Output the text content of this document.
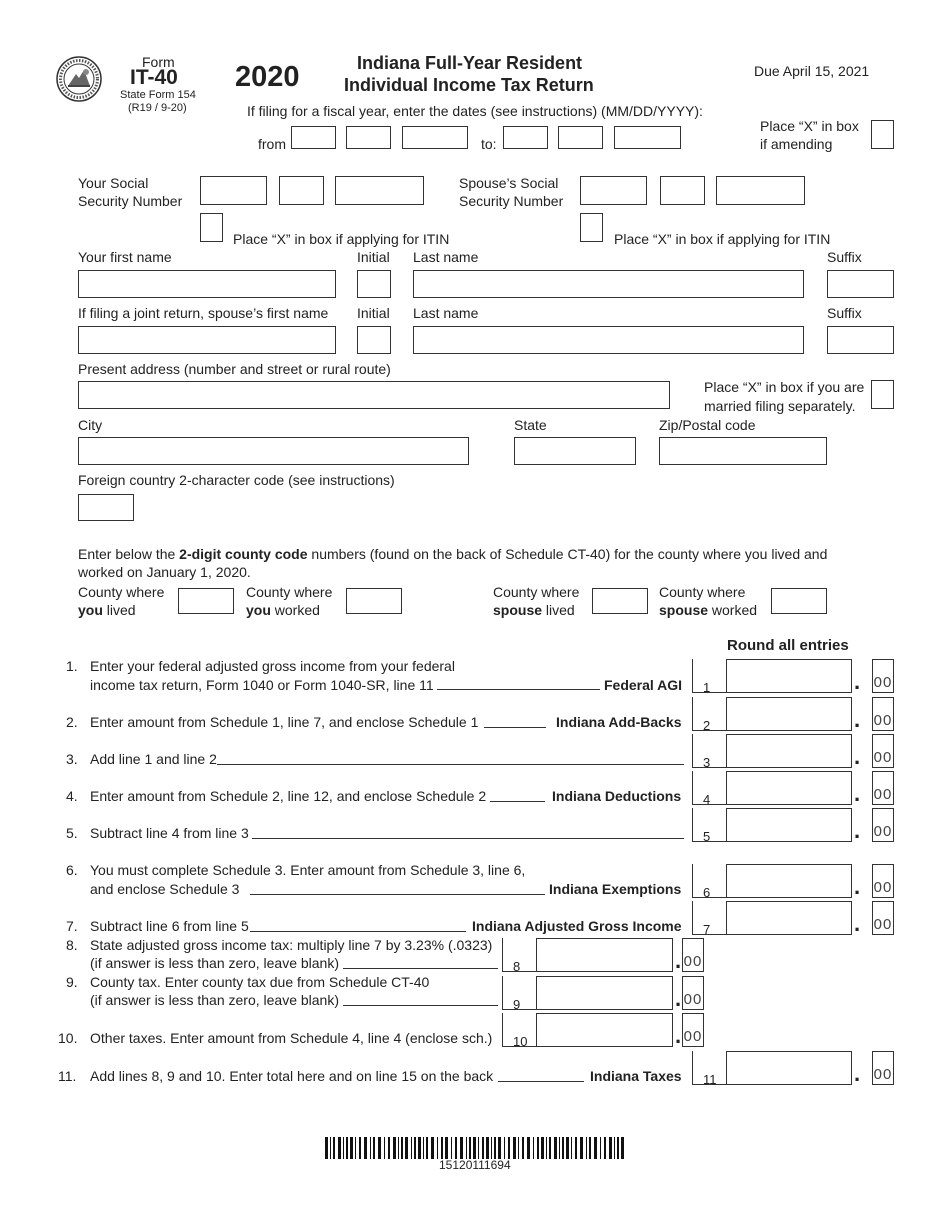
Form
IT-40
State Form 154
(R19 / 9-20)
2020	Indiana Full-Year Resident
Individual Income Tax Return
Due April 15, 2021
If filing for a fiscal year, enter the dates (see instructions) (MM/DD/YYYY):
from	to:
Place “X” in box
if amending
Your Social
Security Number
Spouse’s Social
Security Number
Place “X” in box if applying for ITIN	Place “X” in box if applying for ITIN
Your first name	Initial Last name	Suffix
If filing a joint return, spouse’s first name Initial Last name	Suffix
Present address (number and street or rural route)
Place “X” in box if you are
married filing separately.
City	State	Zip/Postal code
Foreign country 2-character code (see instructions)
Enter below the 2-digit county code numbers (found on the back of Schedule CT-40) for the county where you lived and
worked on January 1, 2020.
County where
you lived
County where
you worked
County where
spouse lived
County where
spouse worked
Round all entries
1. Enter your federal adjusted gross income from your federal
income tax return, Form 1040 or Form 1040-SR, line 11	Federal AGI 1	. 00
2. Enter amount from Schedule 1, line 7, and enclose Schedule 1	Indiana Add-Backs 2	. 00
3. Add line 1 and line 2	3	. 00
4. Enter amount from Schedule 2, line 12, and enclose Schedule 2	Indiana Deductions 4	. 00
5. Subtract line 4 from line 3	5	. 00
6. You must complete Schedule 3. Enter amount from Schedule 3, line 6,
and enclose Schedule 3	Indiana Exemptions 6	. 00
7. Subtract line 6 from line 5	Indiana Adjusted Gross Income 7	. 00
8. State adjusted gross income tax: multiply line 7 by 3.23% (.0323)
(if answer is less than zero, leave blank)	8	. 00
9. County tax. Enter county tax due from Schedule CT-40
(if answer is less than zero, leave blank)	9	. 00
10. Other taxes. Enter amount from Schedule 4, line 4 (enclose sch.) 10	. 00
11. Add lines 8, 9 and 10. Enter total here and on line 15 on the back	Indiana Taxes 11	. 00
15120111694
